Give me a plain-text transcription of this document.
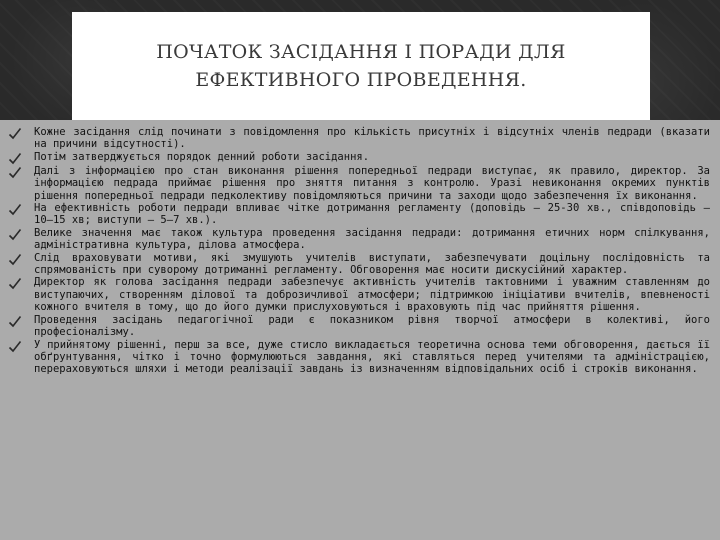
ПОЧАТОК ЗАСІДАННЯ І ПОРАДИ ДЛЯ
ЕФЕКТИВНОГО ПРОВЕДЕННЯ.
Кожне засідання слід починати з повідомлення про кількість присутніх і відсутніх членів педради (вказати на причини відсутності).
Потім затверджується порядок денний роботи засідання.
Далі з інформацією про стан виконання рішення попередньої педради виступає, як правило, директор. За інформацією педрада приймає рішення про зняття питання з контролю. Уразі невиконання окремих пунктів рішення попередньої педради педколективу повідомляються причини та заходи щодо забезпечення їх виконання.
На ефективність роботи педради впливає чітке дотримання регламенту (доповідь — 25-30 хв., співдоповідь — 10—15 хв; виступи — 5—7 хв.).
Велике значення має також культура проведення засідання педради: дотримання етичних норм спілкування, адміністративна культура, ділова атмосфера.
Слід враховувати мотиви, які змушують учителів виступати, забезпечувати доцільну послідовність та спрямованість при суворому дотриманні регламенту. Обговорення має носити дискусійний характер.
Директор як голова засідання педради забезпечує активність учителів тактовними і уважним ставленням до виступаючих, створенням ділової та доброзичливої атмосфери; підтримкою ініціативи вчителів, впевненості кожного вчителя в тому, що до його думки прислуховуються і враховують під час прийняття рішення.
Проведення засідань педагогічної ради є показником рівня творчої атмосфери в колективі, його професіоналізму.
У прийнятому рішенні, перш за все, дуже стисло викладається теоретична основа теми обговорення, дається її обґрунтування, чітко і точно формулюються завдання, які ставляться перед учителями та адміністрацією, перераховуються шляхи і методи реалізації завдань із визначенням відповідальних осіб і строків виконання.
